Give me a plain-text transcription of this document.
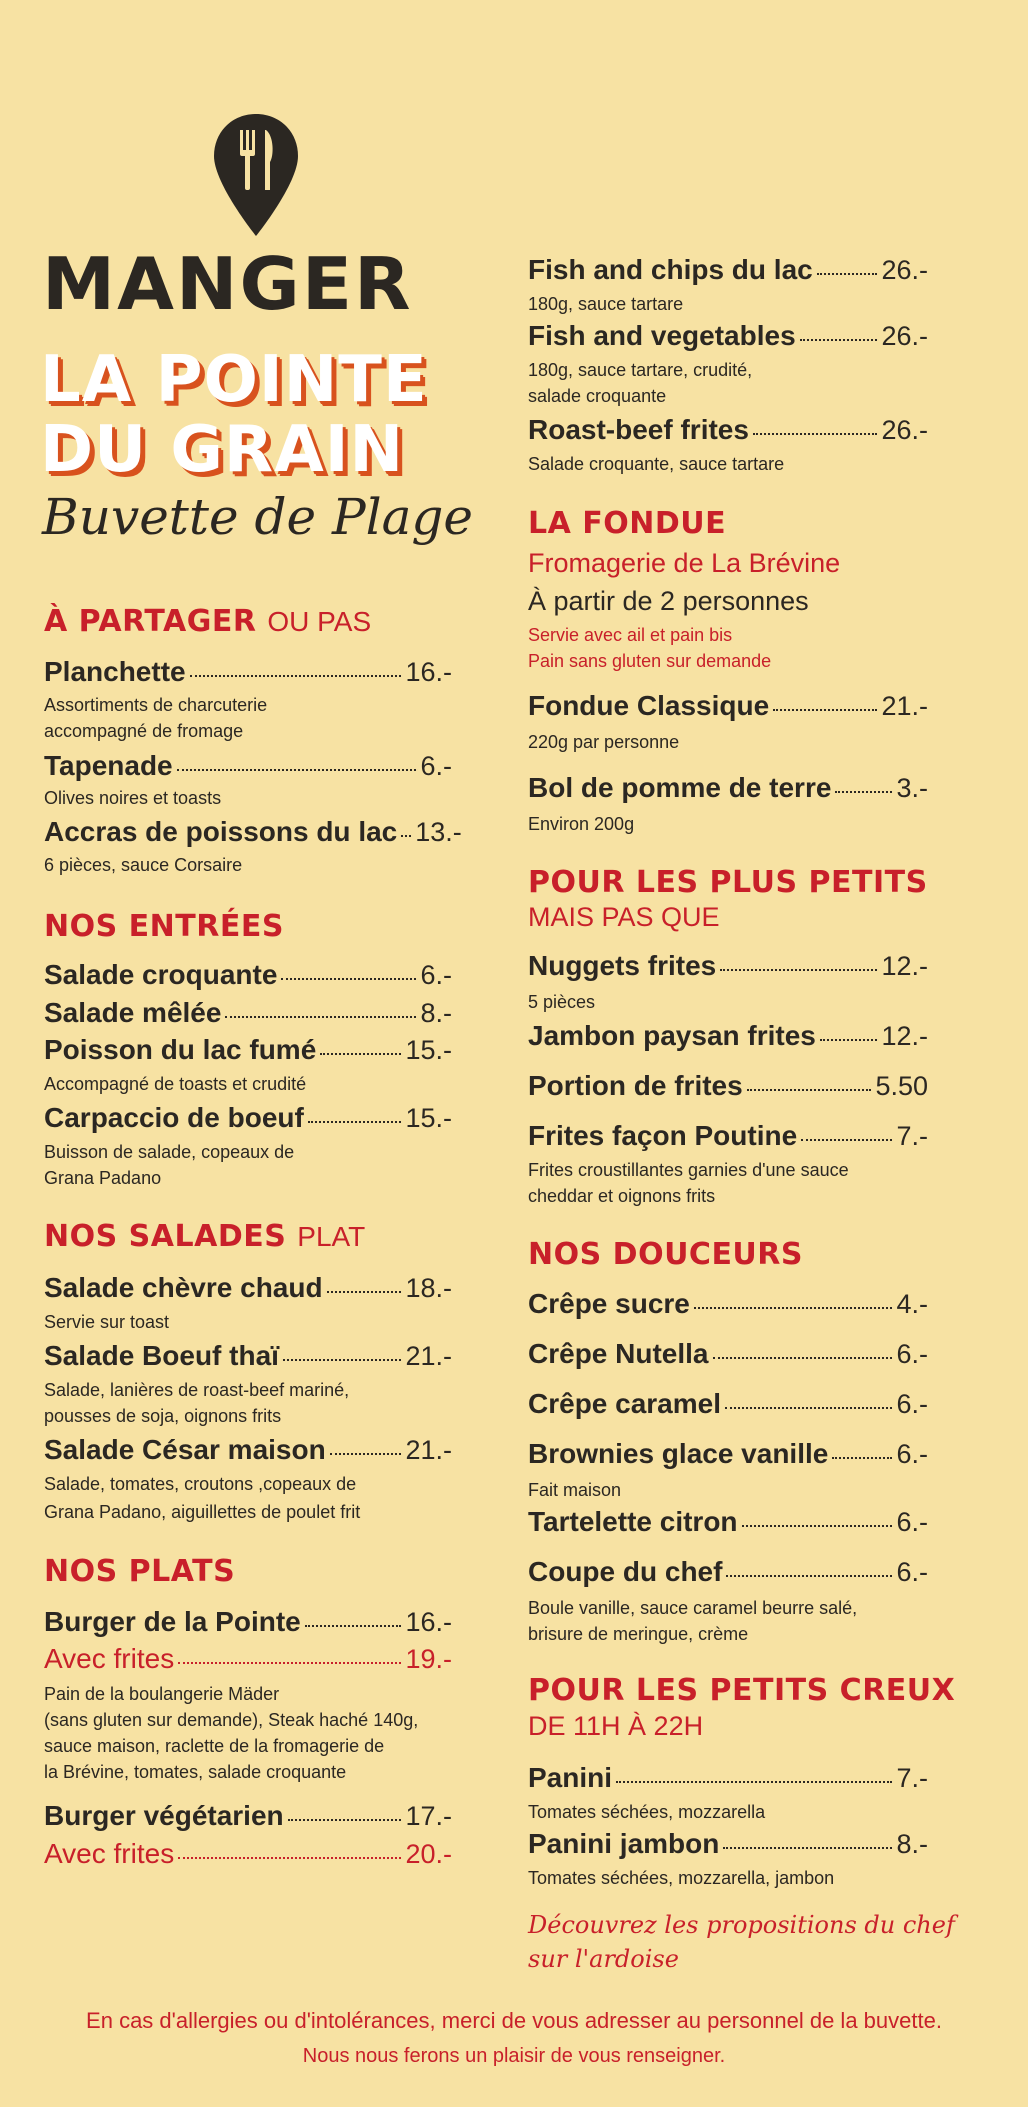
MANGER
LA POINTE
DU GRAIN
Buvette de Plage
À PARTAGER OU PAS
Planchette	16.-
Assortiments de charcuterie
accompagné de fromage
Tapenade	6.-
Olives noires et toasts
Accras de poissons du lac 13.-
6 pièces, sauce Corsaire
NOS ENTRÉES
Salade croquante	6.-
Salade mêlée	8.-
Poisson du lac fumé	15.-
Accompagné de toasts et crudité
Carpaccio de boeuf	15.-
Buisson de salade, copeaux de
Grana Padano
NOS SALADES PLAT
Salade chèvre chaud	18.-
Servie sur toast
Salade Boeuf thaï	21.-
Salade, lanières de roast-beef mariné,
pousses de soja, oignons frits
Salade César maison	21.-
Salade, tomates, croutons ,copeaux de
Grana Padano, aiguillettes de poulet frit
NOS PLATS
Burger de la Pointe	16.-
Avec frites	19.-
Pain de la boulangerie Mäder
(sans gluten sur demande), Steak haché 140g,
sauce maison, raclette de la fromagerie de
la Brévine, tomates, salade croquante
Burger végétarien	17.-
Avec frites	20.-
Fish and chips du lac	26.-
180g, sauce tartare
Fish and vegetables	26.-
180g, sauce tartare, crudité,
salade croquante
Roast-beef frites	26.-
Salade croquante, sauce tartare
LA FONDUE
Fromagerie de La Brévine
À partir de 2 personnes
Servie avec ail et pain bis
Pain sans gluten sur demande
Fondue Classique	21.-
220g par personne
Bol de pomme de terre 3.-
Environ 200g
POUR LES PLUS PETITS
MAIS PAS QUE
Nuggets frites	12.-
5 pièces
Jambon paysan frites 12.-
Portion de frites	5.50
Frites façon Poutine	7.-
Frites croustillantes garnies d'une sauce
cheddar et oignons frits
NOS DOUCEURS
Crêpe sucre	4.-
Crêpe Nutella	6.-
Crêpe caramel	6.-
Brownies glace vanille	6.-
Fait maison
Tartelette citron	6.-
Coupe du chef	6.-
Boule vanille, sauce caramel beurre salé,
brisure de meringue, crème
POUR LES PETITS CREUX
DE 11H À 22H
Panini	7.-
Tomates séchées, mozzarella
Panini jambon	8.-
Tomates séchées, mozzarella, jambon
Découvrez les propositions du chef
sur l'ardoise
En cas d'allergies ou d'intolérances, merci de vous adresser au personnel de la buvette.
Nous nous ferons un plaisir de vous renseigner.
